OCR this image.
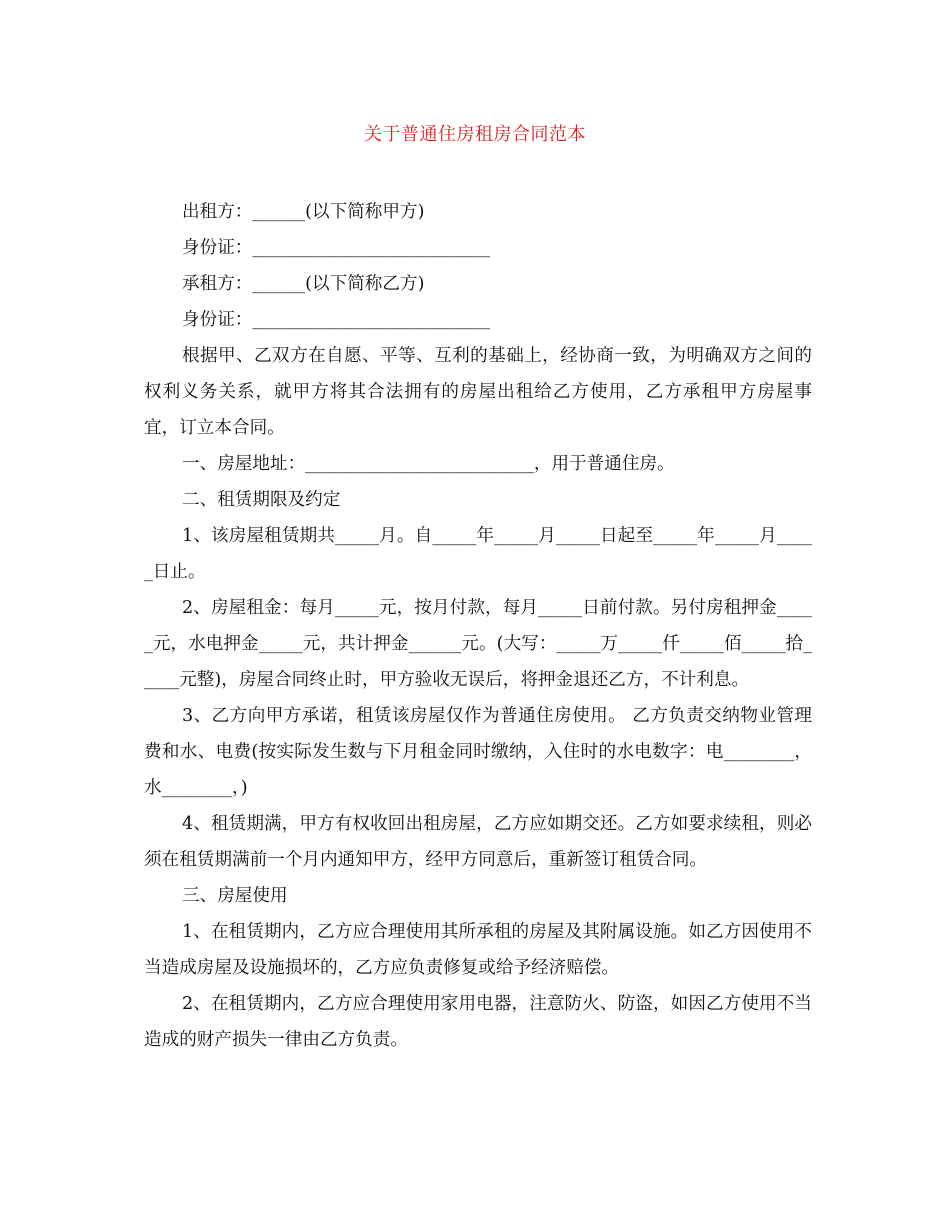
关于普通住房租房合同范本

出租方：______(以下简称甲方)

身份证：___________________________

承租方：______(以下简称乙方)

身份证：___________________________

根据甲、乙双方在自愿、平等、互利的基础上，经协商一致，为明确双方之间的权利义务关系，就甲方将其合法拥有的房屋出租给乙方使用，乙方承租甲方房屋事宜，订立本合同。

一、房屋地址：__________________________，用于普通住房。

二、租赁期限及约定

1、该房屋租赁期共_____月。自_____年_____月_____日起至_____年_____月_____日止。

2、房屋租金：每月_____元，按月付款，每月_____日前付款。另付房租押金_____元，水电押金_____元，共计押金______元。(大写：_____万_____仟_____佰_____拾_____元整)，房屋合同终止时，甲方验收无误后，将押金退还乙方，不计利息。

3、乙方向甲方承诺，租赁该房屋仅作为普通住房使用。 乙方负责交纳物业管理费和水、电费(按实际发生数与下月租金同时缴纳，入住时的水电数字：电________，水________，)

4、租赁期满，甲方有权收回出租房屋，乙方应如期交还。乙方如要求续租，则必须在租赁期满前一个月内通知甲方，经甲方同意后，重新签订租赁合同。

三、房屋使用

1、在租赁期内，乙方应合理使用其所承租的房屋及其附属设施。如乙方因使用不当造成房屋及设施损坏的，乙方应负责修复或给予经济赔偿。

2、在租赁期内，乙方应合理使用家用电器，注意防火、防盗，如因乙方使用不当造成的财产损失一律由乙方负责。
